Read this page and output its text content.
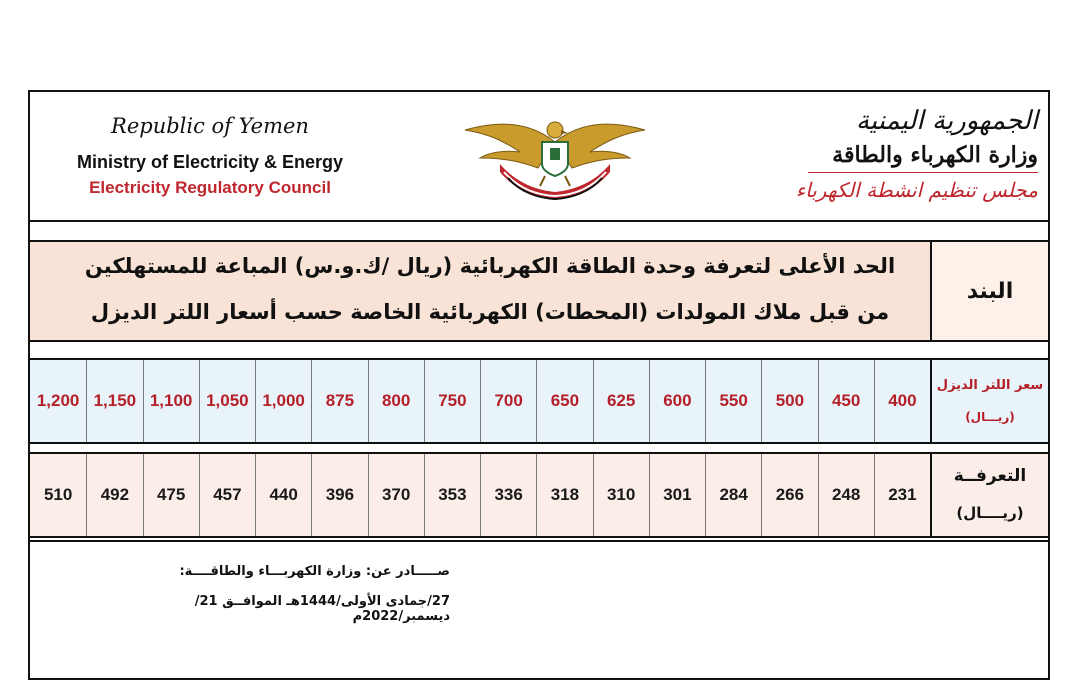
Republic of Yemen
Ministry of Electricity & Energy
Electricity Regulatory Council
الجمهورية اليمنية
وزارة الكهرباء والطاقة
مجلس تنظيم انشطة الكهرباء
الحد الأعلى لتعرفة وحدة الطاقة الكهربائية (ريال /ك.و.س) المباعة للمستهلكين
من قبل ملاك المولدات (المحطات) الكهربائية الخاصة حسب أسعار اللتر الديزل
البند
400
450
500
550
600
625
650
700
750
800
875
1,000
1,050
1,100
1,150
1,200
سعر اللتر الديزل
(ريـــال)
231
248
266
284
301
310
318
336
353
370
396
440
457
475
492
510
التعرفــة
(ريــــال)
صـــــادر عن: وزارة الكهربـــاء والطاقــــة:
27/جمادى الأولى/1444هـ الموافــق 21/ديسمبر/2022م
